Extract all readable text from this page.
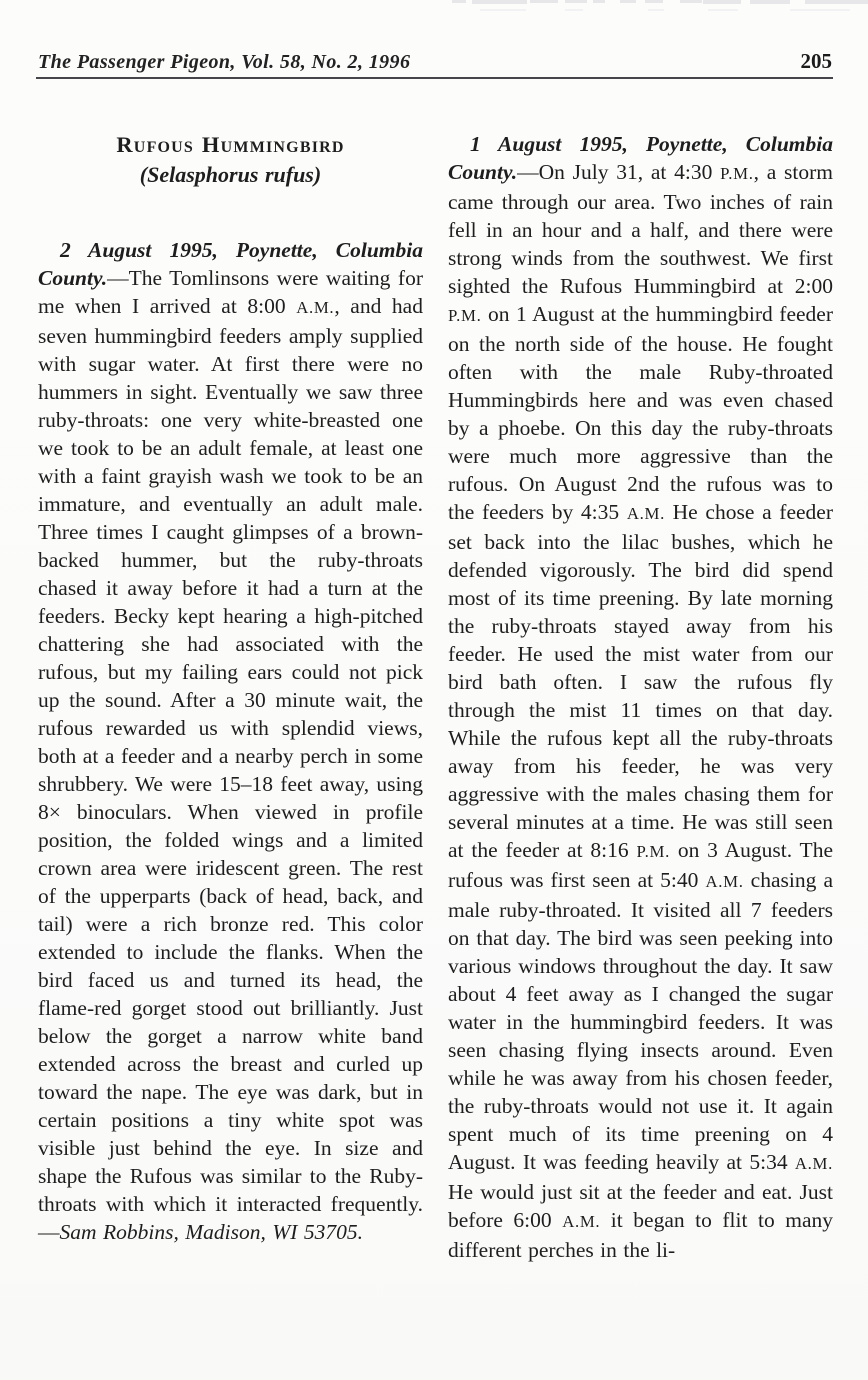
The Passenger Pigeon, Vol. 58, No. 2, 1996	205
Rufous Hummingbird
(Selasphorus rufus)

2 August 1995, Poynette, Columbia County.—The Tomlinsons were waiting for me when I arrived at 8:00 A.M., and had seven hummingbird feeders amply supplied with sugar water. At first there were no hummers in sight. Eventually we saw three ruby-throats: one very white-breasted one we took to be an adult female, at least one with a faint grayish wash we took to be an immature, and eventually an adult male. Three times I caught glimpses of a brown-backed hummer, but the ruby-throats chased it away before it had a turn at the feeders. Becky kept hearing a high-pitched chattering she had associated with the rufous, but my failing ears could not pick up the sound. After a 30 minute wait, the rufous rewarded us with splendid views, both at a feeder and a nearby perch in some shrubbery. We were 15–18 feet away, using 8× binoculars. When viewed in profile position, the folded wings and a limited crown area were iridescent green. The rest of the upperparts (back of head, back, and tail) were a rich bronze red. This color extended to include the flanks. When the bird faced us and turned its head, the flame-red gorget stood out brilliantly. Just below the gorget a narrow white band extended across the breast and curled up toward the nape. The eye was dark, but in certain positions a tiny white spot was visible just behind the eye. In size and shape the Rufous was similar to the Ruby-throats with which it interacted frequently.—Sam Robbins, Madison, WI 53705.

1 August 1995, Poynette, Columbia County.—On July 31, at 4:30 P.M., a storm came through our area. Two inches of rain fell in an hour and a half, and there were strong winds from the southwest. We first sighted the Rufous Hummingbird at 2:00 P.M. on 1 August at the hummingbird feeder on the north side of the house. He fought often with the male Ruby-throated Hummingbirds here and was even chased by a phoebe. On this day the ruby-throats were much more aggressive than the rufous. On August 2nd the rufous was to the feeders by 4:35 A.M. He chose a feeder set back into the lilac bushes, which he defended vigorously. The bird did spend most of its time preening. By late morning the ruby-throats stayed away from his feeder. He used the mist water from our bird bath often. I saw the rufous fly through the mist 11 times on that day. While the rufous kept all the ruby-throats away from his feeder, he was very aggressive with the males chasing them for several minutes at a time. He was still seen at the feeder at 8:16 P.M. on 3 August. The rufous was first seen at 5:40 A.M. chasing a male ruby-throated. It visited all 7 feeders on that day. The bird was seen peeking into various windows throughout the day. It saw about 4 feet away as I changed the sugar water in the hummingbird feeders. It was seen chasing flying insects around. Even while he was away from his chosen feeder, the ruby-throats would not use it. It again spent much of its time preening on 4 August. It was feeding heavily at 5:34 A.M. He would just sit at the feeder and eat. Just before 6:00 A.M. it began to flit to many different perches in the li-
